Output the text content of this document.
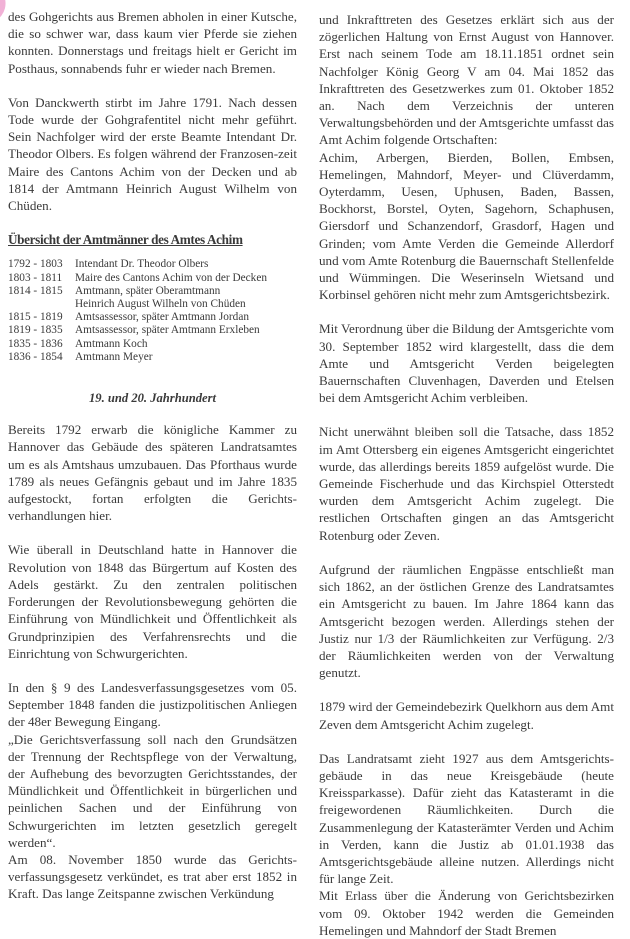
des Gohgerichts aus Bremen abholen in einer Kutsche, die so schwer war, dass kaum vier Pferde sie ziehen konnten. Donnerstags und freitags hielt er Gericht im Posthaus, sonnabends fuhr er wieder nach Bremen.

Von Danckwerth stirbt im Jahre 1791. Nach dessen Tode wurde der Gohgrafentitel nicht mehr geführt. Sein Nachfolger wird der erste Beamte Intendant Dr. Theodor Olbers. Es folgen während der Franzosen-zeit Maire des Cantons Achim von der Decken und ab 1814 der Amtmann Heinrich August Wilhelm von Chüden.

Übersicht der Amtmänner des Amtes Achim
1792 - 1803	Intendant Dr. Theodor Olbers
1803 - 1811	Maire des Cantons Achim von der Decken
1814 - 1815	Amtmann, später Oberamtmann
Heinrich August Wilheln von Chüden
1815 - 1819	Amtsassessor, später Amtmann Jordan
1819 - 1835	Amtsassessor, später Amtmann Erxleben
1835 - 1836	Amtmann Koch
1836 - 1854	Amtmann Meyer
19. und 20. Jahrhundert

Bereits 1792 erwarb die königliche Kammer zu Hannover das Gebäude des späteren Landratsamtes um es als Amtshaus umzubauen. Das Pforthaus wurde 1789 als neues Gefängnis gebaut und im Jahre 1835 aufgestockt, fortan erfolgten die Gerichts-verhandlungen hier.

Wie überall in Deutschland hatte in Hannover die Revolution von 1848 das Bürgertum auf Kosten des Adels gestärkt. Zu den zentralen politischen Forderungen der Revolutionsbewegung gehörten die Einführung von Mündlichkeit und Öffentlichkeit als Grundprinzipien des Verfahrensrechts und die Einrichtung von Schwurgerichten.

In den § 9 des Landesverfassungsgesetzes vom 05. September 1848 fanden die justizpolitischen Anliegen der 48er Bewegung Eingang.

„Die Gerichtsverfassung soll nach den Grundsätzen der Trennung der Rechtspflege von der Verwaltung, der Aufhebung des bevorzugten Gerichtsstandes, der Mündlichkeit und Öffentlichkeit in bürgerlichen und peinlichen Sachen und der Einführung von Schwurgerichten im letzten gesetzlich geregelt werden“.

Am 08. November 1850 wurde das Gerichts-verfassungsgesetz verkündet, es trat aber erst 1852 in Kraft. Das lange Zeitspanne zwischen Verkündung

und Inkrafttreten des Gesetzes erklärt sich aus der zögerlichen Haltung von Ernst August von Hannover. Erst nach seinem Tode am 18.11.1851 ordnet sein Nachfolger König Georg V am 04. Mai 1852 das Inkrafttreten des Gesetzwerkes zum 01. Oktober 1852 an. Nach dem Verzeichnis der unteren Verwaltungsbehörden und der Amtsgerichte umfasst das Amt Achim folgende Ortschaften:

Achim, Arbergen, Bierden, Bollen, Embsen, Hemelingen, Mahndorf, Meyer- und Clüverdamm, Oyterdamm, Uesen, Uphusen, Baden, Bassen, Bockhorst, Borstel, Oyten, Sagehorn, Schaphusen, Giersdorf und Schanzendorf, Grasdorf, Hagen und Grinden; vom Amte Verden die Gemeinde Allerdorf und vom Amte Rotenburg die Bauernschaft Stellenfelde und Wümmingen. Die Weserinseln Wietsand und Korbinsel gehören nicht mehr zum Amtsgerichtsbezirk.

Mit Verordnung über die Bildung der Amtsgerichte vom 30. September 1852 wird klargestellt, dass die dem Amte und Amtsgericht Verden beigelegten Bauernschaften Cluvenhagen, Daverden und Etelsen bei dem Amtsgericht Achim verbleiben.

Nicht unerwähnt bleiben soll die Tatsache, dass 1852 im Amt Ottersberg ein eigenes Amtsgericht eingerichtet wurde, das allerdings bereits 1859 aufgelöst wurde. Die Gemeinde Fischerhude und das Kirchspiel Otterstedt wurden dem Amtsgericht Achim zugelegt. Die restlichen Ortschaften gingen an das Amtsgericht Rotenburg oder Zeven.

Aufgrund der räumlichen Engpässe entschließt man sich 1862, an der östlichen Grenze des Landratsamtes ein Amtsgericht zu bauen. Im Jahre 1864 kann das Amtsgericht bezogen werden. Allerdings stehen der Justiz nur 1/3 der Räumlichkeiten zur Verfügung. 2/3 der Räumlichkeiten werden von der Verwaltung genutzt.

1879 wird der Gemeindebezirk Quelkhorn aus dem Amt Zeven dem Amtsgericht Achim zugelegt.

Das Landratsamt zieht 1927 aus dem Amtsgerichts-gebäude in das neue Kreisgebäude (heute Kreissparkasse). Dafür zieht das Katasteramt in die freigewordenen Räumlichkeiten. Durch die Zusammenlegung der Katasterämter Verden und Achim in Verden, kann die Justiz ab 01.01.1938 das Amtsgerichtsgebäude alleine nutzen. Allerdings nicht für lange Zeit.

Mit Erlass über die Änderung von Gerichtsbezirken vom 09. Oktober 1942 werden die Gemeinden Hemelingen und Mahndorf der Stadt Bremen
